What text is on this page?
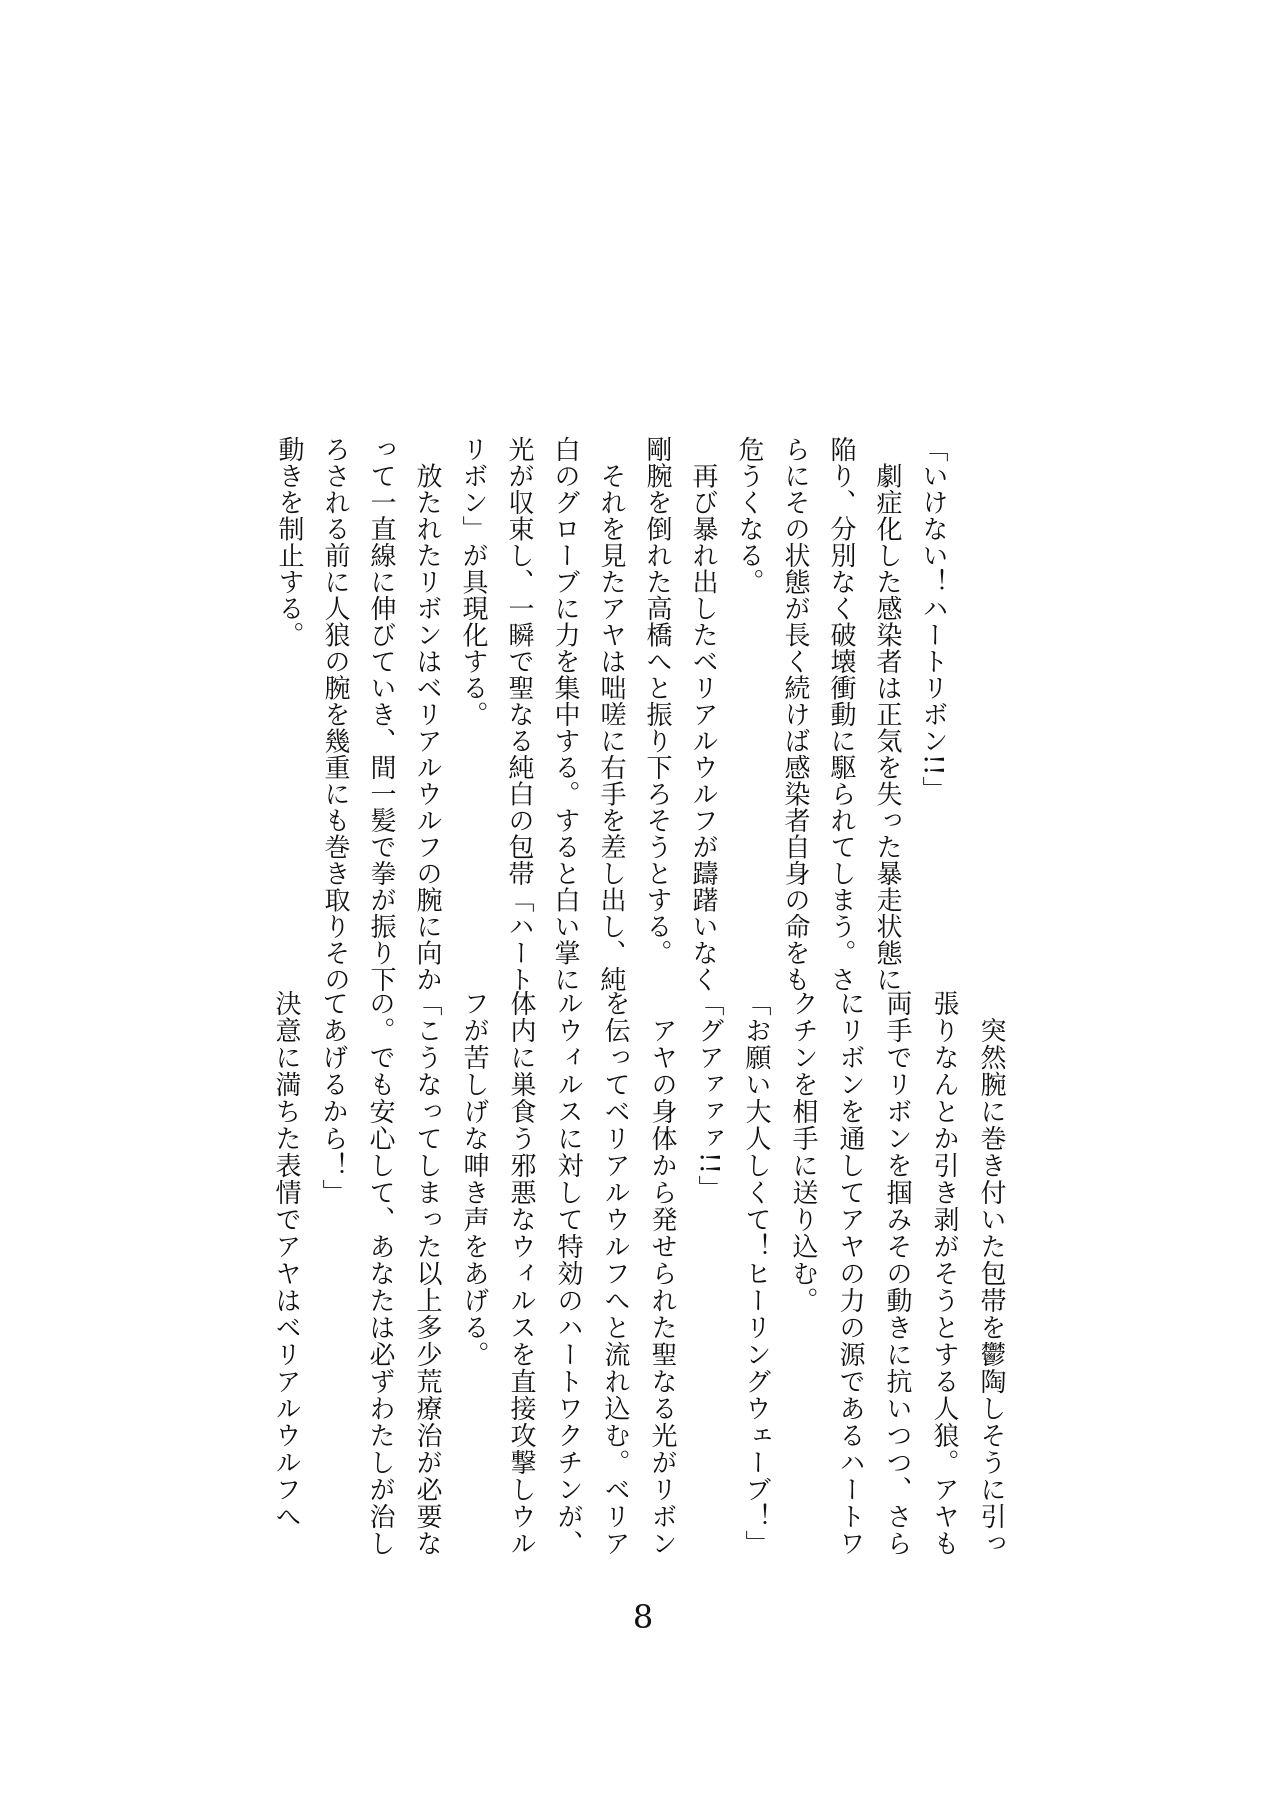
「いけない！ハートリボン!!」
　劇症化した感染者は正気を失った暴走状態に
陥り、分別なく破壊衝動に駆られてしまう。さ
らにその状態が長く続けば感染者自身の命をも
危うくなる。
　再び暴れ出したベリアルウルフが躊躇いなく
剛腕を倒れた高橋へと振り下ろそうとする。
　それを見たアヤは咄嗟に右手を差し出し、純
白のグローブに力を集中する。すると白い掌に
光が収束し、一瞬で聖なる純白の包帯「ハート
リボン」が具現化する。
　放たれたリボンはベリアルウルフの腕に向か
って一直線に伸びていき、間一髪で拳が振り下
ろされる前に人狼の腕を幾重にも巻き取りその
動きを制止する。
　突然腕に巻き付いた包帯を鬱陶しそうに引っ
張りなんとか引き剥がそうとする人狼。アヤも
両手でリボンを掴みその動きに抗いつつ、さら
にリボンを通してアヤの力の源であるハートワ
クチンを相手に送り込む。
「お願い大人しくて！ヒーリングウェーブ！」
「グアァァァ!!」
　アヤの身体から発せられた聖なる光がリボン
を伝ってベリアルウルフへと流れ込む。ベリア
ルウィルスに対して特効のハートワクチンが、
体内に巣食う邪悪なウィルスを直接攻撃しウル
フが苦しげな呻き声をあげる。
「こうなってしまった以上多少荒療治が必要な
の。でも安心して、あなたは必ずわたしが治し
てあげるから！」
決意に満ちた表情でアヤはベリアルウルフへ
8
